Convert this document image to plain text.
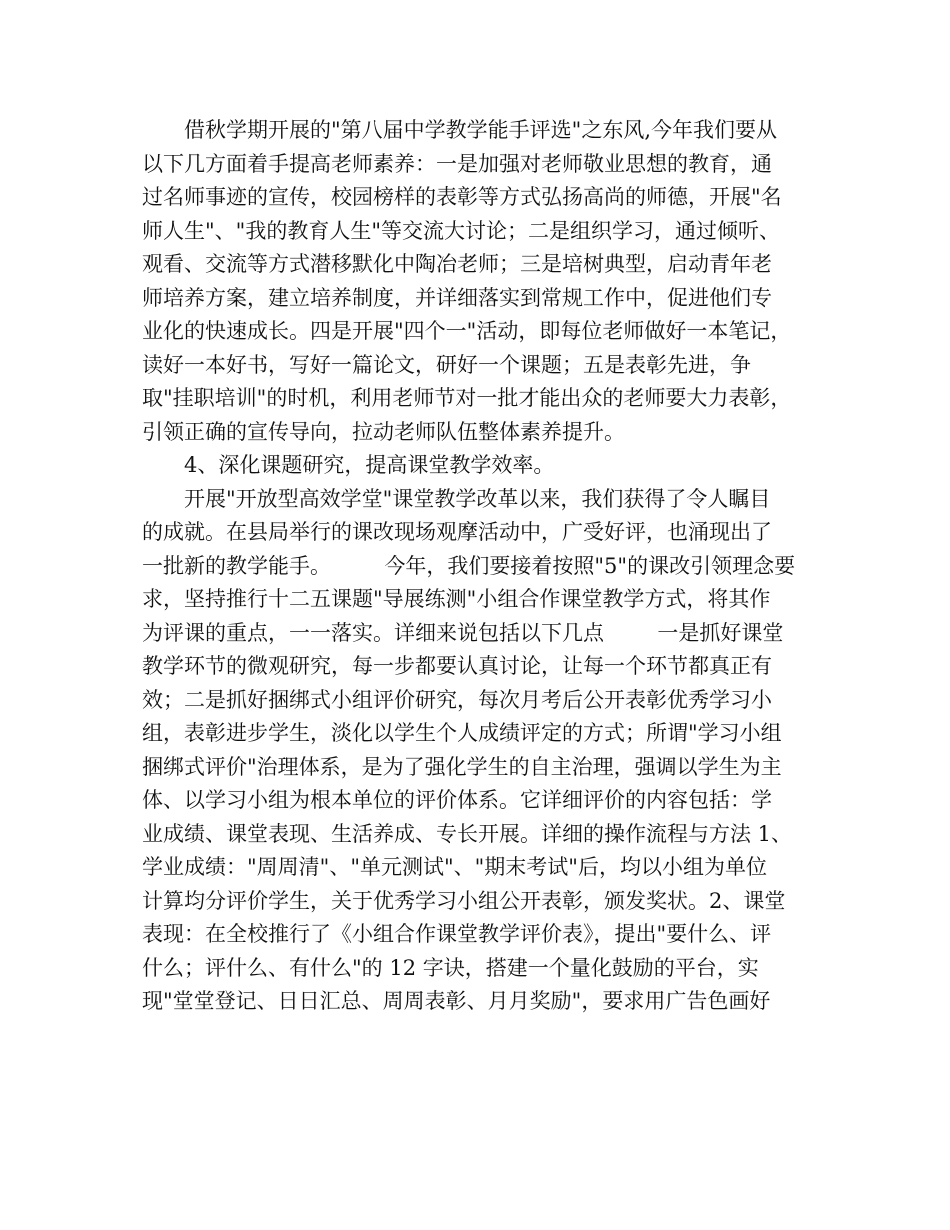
借秋学期开展的"第八届中学教学能手评选"之东风,今年我们要从
以下几方面着手提高老师素养：一是加强对老师敬业思想的教育，通
过名师事迹的宣传，校园榜样的表彰等方式弘扬高尚的师德，开展"名
师人生"、"我的教育人生"等交流大讨论；二是组织学习，通过倾听、
观看、交流等方式潜移默化中陶冶老师；三是培树典型，启动青年老
师培养方案，建立培养制度，并详细落实到常规工作中，促进他们专
业化的快速成长。四是开展"四个一"活动，即每位老师做好一本笔记，
读好一本好书，写好一篇论文，研好一个课题；五是表彰先进，争
取"挂职培训"的时机，利用老师节对一批才能出众的老师要大力表彰，
引领正确的宣传导向，拉动老师队伍整体素养提升。
4、深化课题研究，提高课堂教学效率。
开展"开放型高效学堂"课堂教学改革以来，我们获得了令人瞩目
的成就。在县局举行的课改现场观摩活动中，广受好评，也涌现出了
一批新的教学能手。        今年，我们要接着按照"5"的课改引领理念要
求，坚持推行十二五课题"导展练测"小组合作课堂教学方式，将其作
为评课的重点，一一落实。详细来说包括以下几点        一是抓好课堂
教学环节的微观研究，每一步都要认真讨论，让每一个环节都真正有
效；二是抓好捆绑式小组评价研究，每次月考后公开表彰优秀学习小
组，表彰进步学生，淡化以学生个人成绩评定的方式；所谓"学习小组
捆绑式评价"治理体系，是为了强化学生的自主治理，强调以学生为主
体、以学习小组为根本单位的评价体系。它详细评价的内容包括：学
业成绩、课堂表现、生活养成、专长开展。详细的操作流程与方法 1、
学业成绩："周周清"、"单元测试"、"期末考试"后，均以小组为单位
计算均分评价学生，关于优秀学习小组公开表彰，颁发奖状。2、课堂
表现：在全校推行了《小组合作课堂教学评价表》，提出"要什么、评
什么；评什么、有什么"的 12 字诀，搭建一个量化鼓励的平台，实
现"堂堂登记、日日汇总、周周表彰、月月奖励"，要求用广告色画好
